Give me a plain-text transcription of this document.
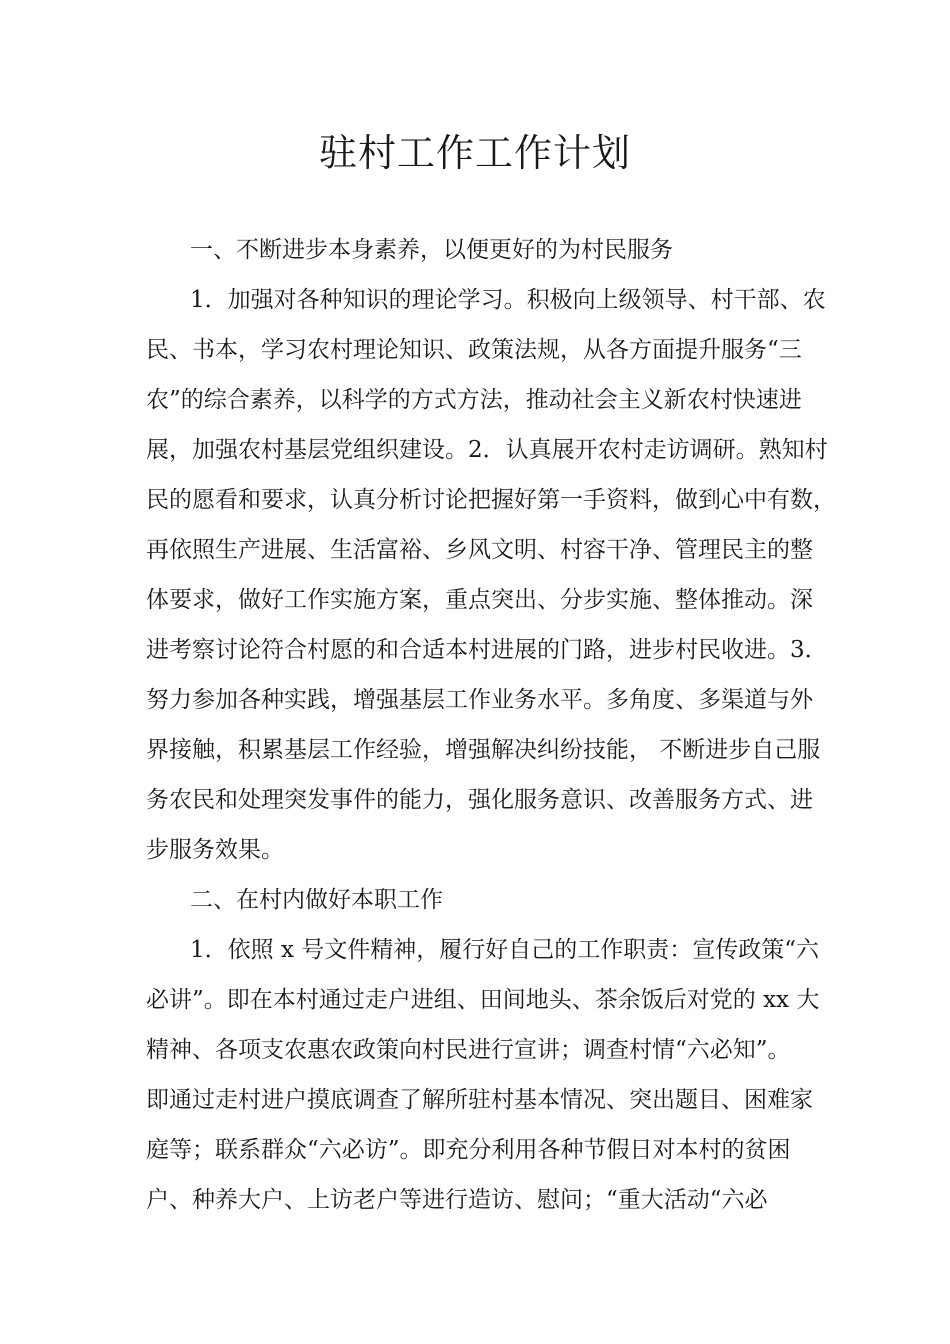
驻村工作工作计划
一、不断进步本身素养，以便更好的为村民服务
1．加强对各种知识的理论学习。积极向上级领导、村干部、农
民、书本，学习农村理论知识、政策法规，从各方面提升服务“三
农”的综合素养，以科学的方式方法，推动社会主义新农村快速进
展，加强农村基层党组织建设。2．认真展开农村走访调研。熟知村
民的愿看和要求，认真分析讨论把握好第一手资料，做到心中有数，
再依照生产进展、生活富裕、乡风文明、村容干净、管理民主的整
体要求，做好工作实施方案，重点突出、分步实施、整体推动。深
进考察讨论符合村愿的和合适本村进展的门路，进步村民收进。3．
努力参加各种实践，增强基层工作业务水平。多角度、多渠道与外
界接触，积累基层工作经验，增强解决纠纷技能， 不断进步自己服
务农民和处理突发事件的能力，强化服务意识、改善服务方式、进
步服务效果。
二、在村内做好本职工作
1．依照 x 号文件精神，履行好自己的工作职责：宣传政策“六
必讲”。即在本村通过走户进组、田间地头、茶余饭后对党的 xx 大
精神、各项支农惠农政策向村民进行宣讲；调查村情“六必知”。
即通过走村进户摸底调查了解所驻村基本情况、突出题目、困难家
庭等；联系群众“六必访”。即充分利用各种节假日对本村的贫困
户、种养大户、上访老户等进行造访、慰问；“重大活动“六必
